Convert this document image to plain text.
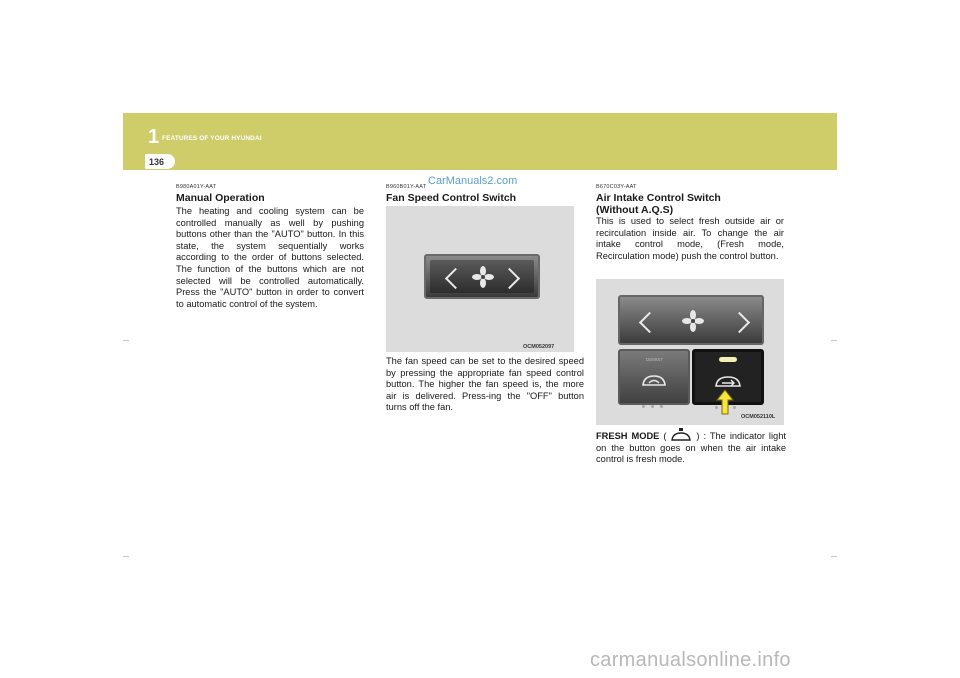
1 FEATURES OF YOUR HYUNDAI
136
CarManuals2.com
B980A01Y-AAT
Manual Operation

The heating and cooling system can be controlled manually as well by pushing buttons other than the "AUTO" button. In this state, the system sequentially works according to the order of buttons selected. The function of the buttons which are not selected will be controlled automatically. Press the "AUTO" button in order to convert to automatic control of the system.

B960B01Y-AAT
Fan Speed Control Switch
OCM052097

The fan speed can be set to the desired speed by pressing the appropriate fan speed control button. The higher the fan speed is, the more air is delivered. Press-ing the "OFF" button turns off the fan.

B670C03Y-AAT
Air Intake Control Switch
(Without A.Q.S)

This is used to select fresh outside air or recirculation inside air. To change the air intake control mode, (Fresh mode, Recirculation mode) push the control button.

DEMIST
OCM052110L

FRESH MODE (	) : The indicator light on the button goes on when the air intake control is fresh mode.

carmanualsonline.info
